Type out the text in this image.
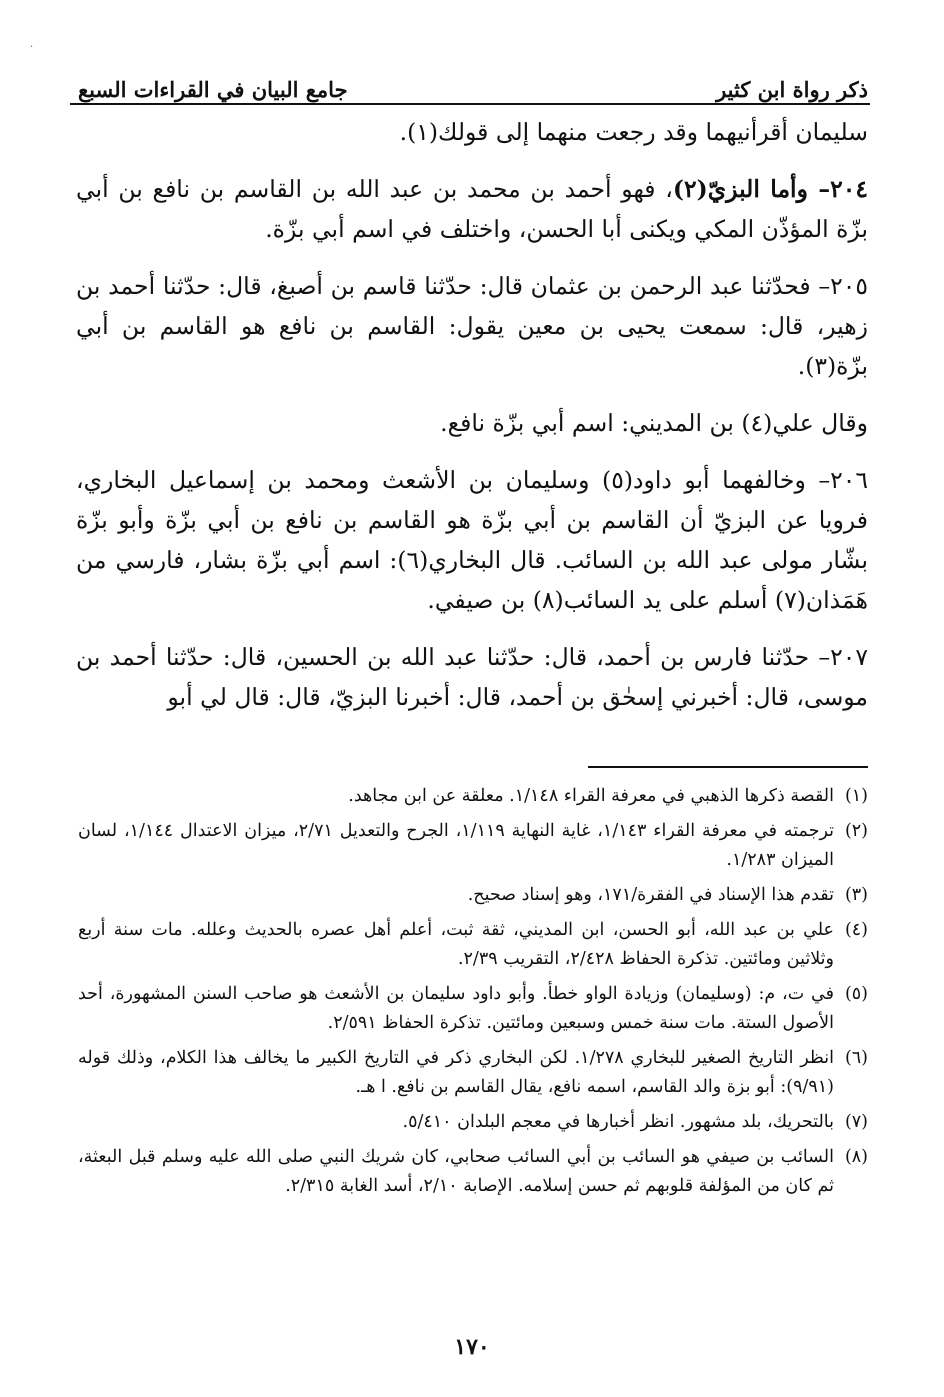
·
ذكر رواة ابن كثير
جامع البيان في القراءات السبع

سليمان أقرأنيهما وقد رجعت منهما إلى قولك(١).

٢٠٤– وأما البزيّ(٢)، فهو أحمد بن محمد بن عبد الله بن القاسم بن نافع بن أبي بزّة المؤذّن المكي ويكنى أبا الحسن، واختلف في اسم أبي بزّة.

٢٠٥– فحدّثنا عبد الرحمن بن عثمان قال: حدّثنا قاسم بن أصبغ، قال: حدّثنا أحمد بن زهير، قال: سمعت يحيى بن معين يقول: القاسم بن نافع هو القاسم بن أبي بزّة(٣).

وقال علي(٤) بن المديني: اسم أبي بزّة نافع.

٢٠٦– وخالفهما أبو داود(٥) وسليمان بن الأشعث ومحمد بن إسماعيل البخاري، فرويا عن البزيّ أن القاسم بن أبي بزّة هو القاسم بن نافع بن أبي بزّة وأبو بزّة بشّار مولى عبد الله بن السائب. قال البخاري(٦): اسم أبي بزّة بشار، فارسي من هَمَذان(٧) أسلم على يد السائب(٨) بن صيفي.

٢٠٧– حدّثنا فارس بن أحمد، قال: حدّثنا عبد الله بن الحسين، قال: حدّثنا أحمد بن موسى، قال: أخبرني إسحٰق بن أحمد، قال: أخبرنا البزيّ، قال: قال لي أبو

(١)
القصة ذكرها الذهبي في معرفة القراء ١/١٤٨. معلقة عن ابن مجاهد.
(٢)
ترجمته في معرفة القراء ١/١٤٣، غاية النهاية ١/١١٩، الجرح والتعديل ٢/٧١، ميزان الاعتدال ١/١٤٤، لسان الميزان ١/٢٨٣.
(٣)
تقدم هذا الإسناد في الفقرة/١٧١، وهو إسناد صحيح.
(٤)
علي بن عبد الله، أبو الحسن، ابن المديني، ثقة ثبت، أعلم أهل عصره بالحديث وعلله. مات سنة أربع وثلاثين ومائتين. تذكرة الحفاظ ٢/٤٢٨، التقريب ٢/٣٩.
(٥)
في ت، م: (وسليمان) وزيادة الواو خطأ. وأبو داود سليمان بن الأشعث هو صاحب السنن المشهورة، أحد الأصول الستة. مات سنة خمس وسبعين ومائتين. تذكرة الحفاظ ٢/٥٩١.
(٦)
انظر التاريخ الصغير للبخاري ١/٢٧٨. لكن البخاري ذكر في التاريخ الكبير ما يخالف هذا الكلام، وذلك قوله (٩/٩١): أبو بزة والد القاسم، اسمه نافع، يقال القاسم بن نافع. ا هـ.
(٧)
بالتحريك، بلد مشهور. انظر أخبارها في معجم البلدان ٥/٤١٠.
(٨)
السائب بن صيفي هو السائب بن أبي السائب صحابي، كان شريك النبي صلى الله عليه وسلم قبل البعثة، ثم كان من المؤلفة قلوبهم ثم حسن إسلامه. الإصابة ٢/١٠، أسد الغابة ٢/٣١٥.
١٧٠
